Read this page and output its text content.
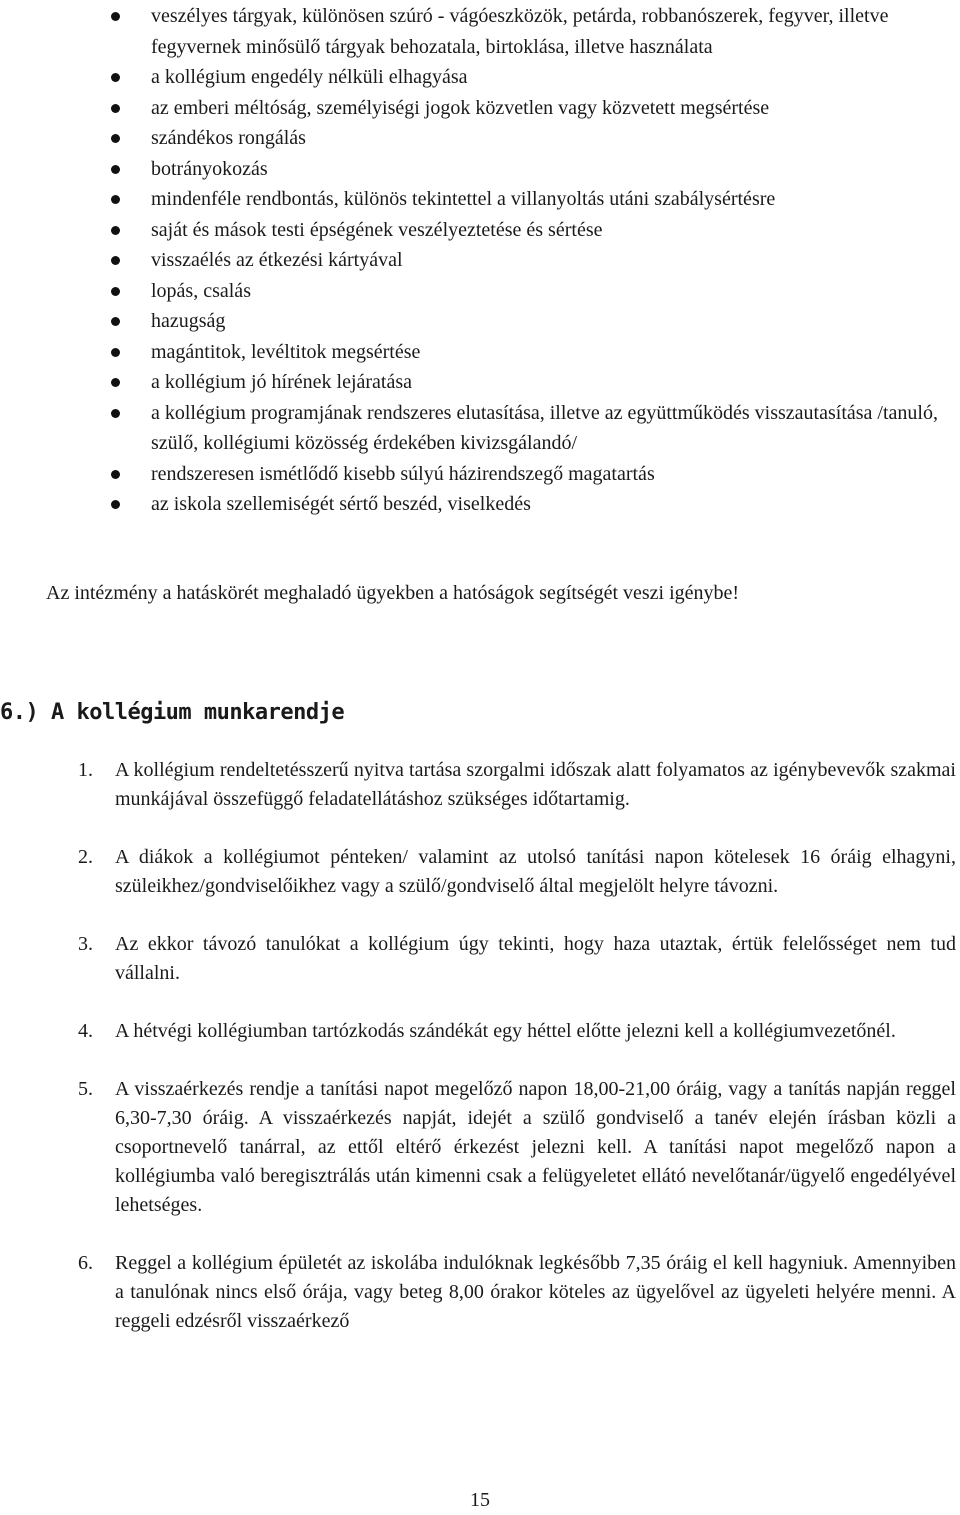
veszélyes tárgyak, különösen szúró - vágóeszközök, petárda, robbanószerek, fegyver, illetve fegyvernek minősülő tárgyak behozatala, birtoklása, illetve használata
a kollégium engedély nélküli elhagyása
az emberi méltóság, személyiségi jogok közvetlen vagy közvetett megsértése
szándékos rongálás
botrányokozás
mindenféle rendbontás, különös tekintettel a villanyoltás utáni szabálysértésre
saját és mások testi épségének veszélyeztetése és sértése
visszaélés az étkezési kártyával
lopás, csalás
hazugság
magántitok, levéltitok megsértése
a kollégium jó hírének lejáratása
a kollégium programjának rendszeres elutasítása, illetve az együttműködés visszautasítása /tanuló, szülő, kollégiumi közösség érdekében kivizsgálandó/
rendszeresen ismétlődő kisebb súlyú házirendszegő magatartás
az iskola szellemiségét sértő beszéd, viselkedés
Az intézmény a hatáskörét meghaladó ügyekben a hatóságok segítségét veszi igénybe!
6.) A kollégium munkarendje
1. A kollégium rendeltetésszerű nyitva tartása szorgalmi időszak alatt folyamatos az igénybevevők szakmai munkájával összefüggő feladatellátáshoz szükséges időtartamig.
2. A diákok a kollégiumot pénteken/ valamint az utolsó tanítási napon kötelesek 16 óráig elhagyni, szüleikhez/gondviselőikhez vagy a szülő/gondviselő által megjelölt helyre távozni.
3. Az ekkor távozó tanulókat a kollégium úgy tekinti, hogy haza utaztak, értük felelősséget nem tud vállalni.
4. A hétvégi kollégiumban tartózkodás szándékát egy héttel előtte jelezni kell a kollégiumvezetőnél.
5. A visszaérkezés rendje a tanítási napot megelőző napon 18,00-21,00 óráig, vagy a tanítás napján reggel 6,30-7,30 óráig. A visszaérkezés napját, idejét a szülő gondviselő a tanév elején írásban közli a csoportnevelő tanárral, az ettől eltérő érkezést jelezni kell. A tanítási napot megelőző napon a kollégiumba való beregisztrálás után kimenni csak a felügyeletet ellátó nevelőtanár/ügyelő engedélyével lehetséges.
6. Reggel a kollégium épületét az iskolába indulóknak legkésőbb 7,35 óráig el kell hagyniuk. Amennyiben a tanulónak nincs első órája, vagy beteg 8,00 órakor köteles az ügyelővel az ügyeleti helyére menni. A reggeli edzésről visszaérkező
15
